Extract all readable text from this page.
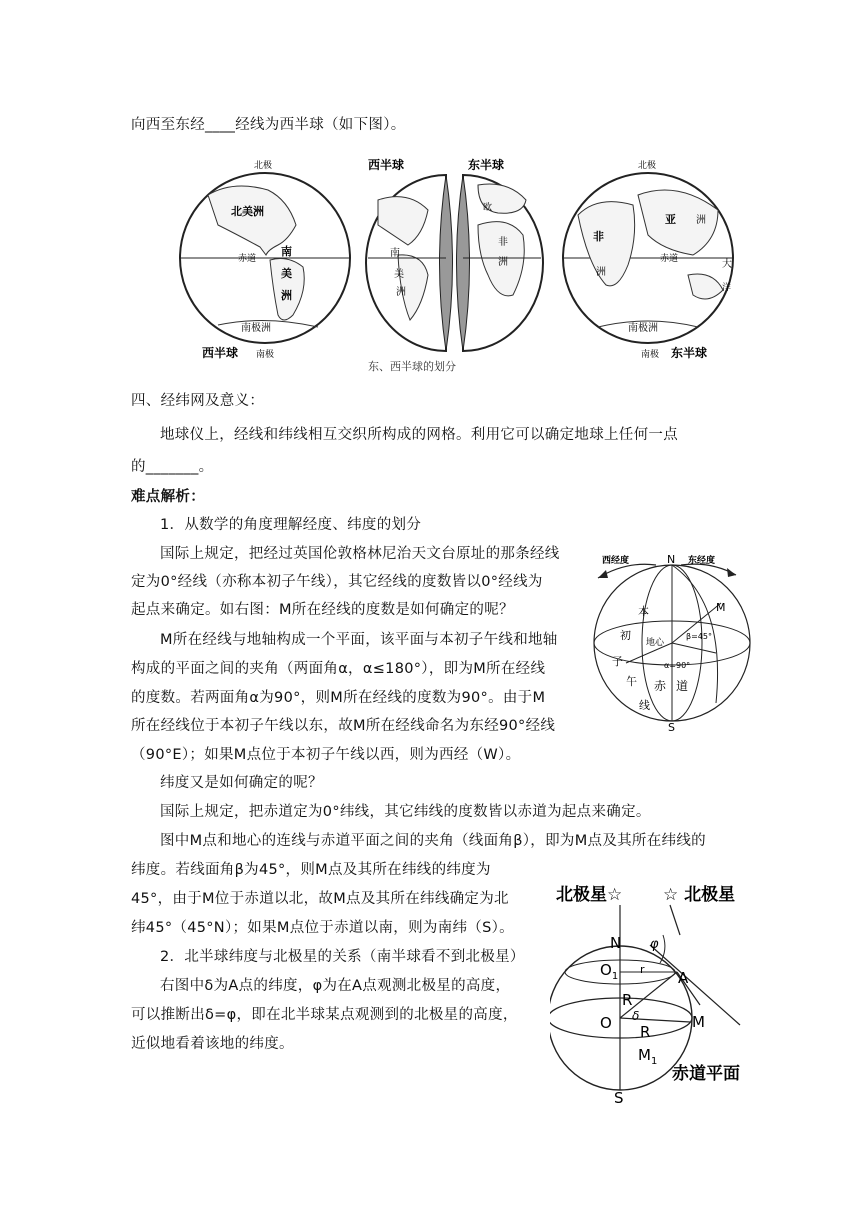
向西至东经____经线为西半球（如下图）。
北极
北美洲
赤道
南
美
洲
南极洲
西半球 南极
西半球	东半球
南
美
洲
非
洲
欧
东、西半球的划分
北极
非
洲
亚 洲
赤道	大
洋
南极洲
南极 东半球
四、经纬网及意义：
地球仪上，经线和纬线相互交织所构成的网格。利用它可以确定地球上任何一点
的_______。
难点解析：
1．从数学的角度理解经度、纬度的划分
国际上规定，把经过英国伦敦格林尼治天文台原址的那条经线
定为0°经线（亦称本初子午线），其它经线的度数皆以0°经线为
起点来确定。如右图：M所在经线的度数是如何确定的呢？
M所在经线与地轴构成一个平面，该平面与本初子午线和地轴
构成的平面之间的夹角（两面角α，α≤180°），即为M所在经线
的度数。若两面角α为90°，则M所在经线的度数为90°。由于M
所在经线位于本初子午线以东，故M所在经线命名为东经90°经线
（90°E）；如果M点位于本初子午线以西，则为西经（W）。
纬度又是如何确定的呢？
国际上规定，把赤道定为0°纬线，其它纬线的度数皆以赤道为起点来确定。
图中M点和地心的连线与赤道平面之间的夹角（线面角β），即为M点及其所在纬线的
纬度。若线面角β为45°，则M点及其所在纬线的纬度为
45°，由于M位于赤道以北，故M点及其所在纬线确定为北
纬45°（45°N）；如果M点位于赤道以南，则为南纬（S）。
2．北半球纬度与北极星的关系（南半球看不到北极星）
右图中δ为A点的纬度，φ为在A点观测北极星的高度，
可以推断出δ=φ，即在北半球某点观测到的北极星的高度，
近似地看着该地的纬度。
西经度	东经度
N
S
M
本
初
子
午
线
地心
β=45°
α=90°
赤 道
北极星☆ ☆ 北极星
N φ
$O_1$
r A
R
δ
O R
M
$M_1$
赤道平面
S
